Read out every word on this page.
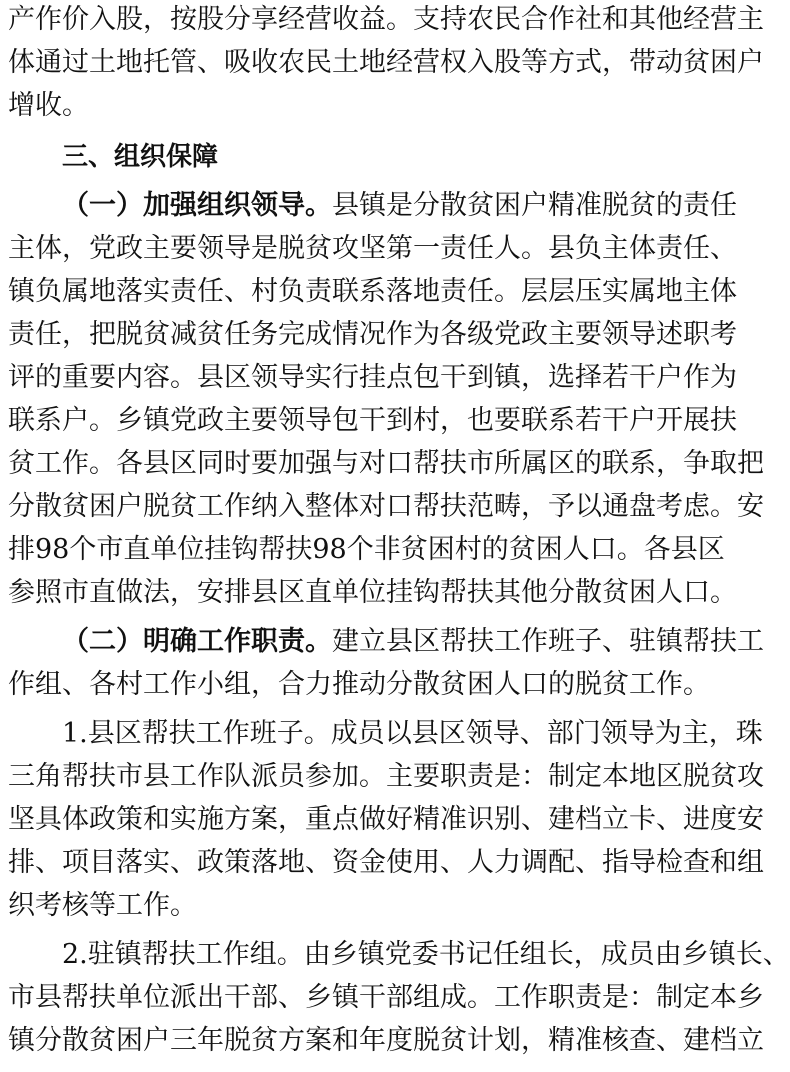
产作价入股，按股分享经营收益。支持农民合作社和其他经营主
体通过土地托管、吸收农民土地经营权入股等方式，带动贫困户
增收。
三、组织保障
（一）加强组织领导。县镇是分散贫困户精准脱贫的责任
主体，党政主要领导是脱贫攻坚第一责任人。县负主体责任、
镇负属地落实责任、村负责联系落地责任。层层压实属地主体
责任，把脱贫减贫任务完成情况作为各级党政主要领导述职考
评的重要内容。县区领导实行挂点包干到镇，选择若干户作为
联系户。乡镇党政主要领导包干到村，也要联系若干户开展扶
贫工作。各县区同时要加强与对口帮扶市所属区的联系，争取把
分散贫困户脱贫工作纳入整体对口帮扶范畴，予以通盘考虑。安
排98个市直单位挂钩帮扶98个非贫困村的贫困人口。各县区
参照市直做法，安排县区直单位挂钩帮扶其他分散贫困人口。
（二）明确工作职责。建立县区帮扶工作班子、驻镇帮扶工
作组、各村工作小组，合力推动分散贫困人口的脱贫工作。
1.县区帮扶工作班子。成员以县区领导、部门领导为主，珠
三角帮扶市县工作队派员参加。主要职责是：制定本地区脱贫攻
坚具体政策和实施方案，重点做好精准识别、建档立卡、进度安
排、项目落实、政策落地、资金使用、人力调配、指导检查和组
织考核等工作。
2.驻镇帮扶工作组。由乡镇党委书记任组长，成员由乡镇长、
市县帮扶单位派出干部、乡镇干部组成。工作职责是：制定本乡
镇分散贫困户三年脱贫方案和年度脱贫计划，精准核查、建档立
